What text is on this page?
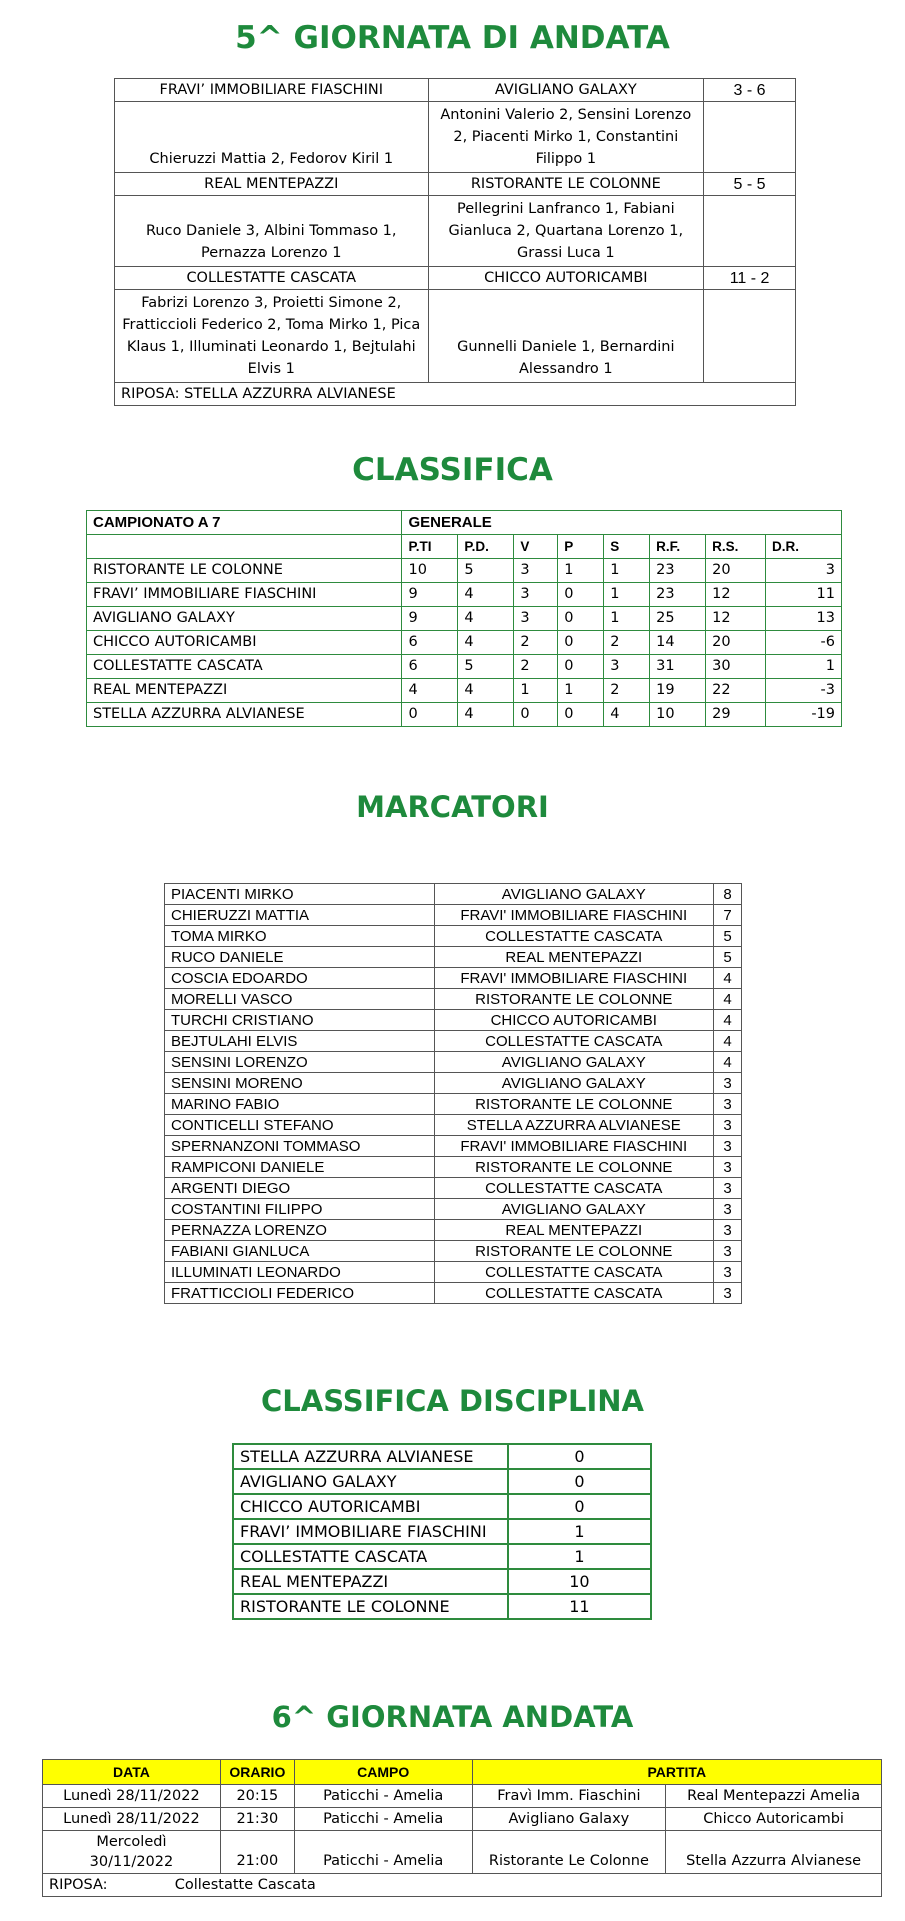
5^ GIORNATA DI ANDATA
FRAVI’ IMMOBILIARE FIASCHINI	AVIGLIANO GALAXY	3 - 6
Chieruzzi Mattia 2, Fedorov Kiril 1	Antonini Valerio 2, Sensini Lorenzo 2, Piacenti Mirko 1, Constantini Filippo 1	
REAL MENTEPAZZI	RISTORANTE LE COLONNE	5 - 5
Ruco Daniele 3, Albini Tommaso 1, Pernazza Lorenzo 1	Pellegrini Lanfranco 1, Fabiani Gianluca 2, Quartana Lorenzo 1, Grassi Luca 1	
COLLESTATTE CASCATA	CHICCO AUTORICAMBI	11 - 2
Fabrizi Lorenzo 3, Proietti Simone 2, Fratticcioli Federico 2, Toma Mirko 1, Pica Klaus 1, Illuminati Leonardo 1, Bejtulahi Elvis 1	Gunnelli Daniele 1, Bernardini Alessandro 1	
RIPOSA: STELLA AZZURRA ALVIANESE		
CLASSIFICA
CAMPIONATO A 7	GENERALE							
	P.TI	P.D.	V	P	S	R.F.	R.S.	D.R.
RISTORANTE LE COLONNE	10	5	3	1	1	23	20	3
FRAVI’ IMMOBILIARE FIASCHINI	9	4	3	0	1	23	12	11
AVIGLIANO GALAXY	9	4	3	0	1	25	12	13
CHICCO AUTORICAMBI	6	4	2	0	2	14	20	-6
COLLESTATTE CASCATA	6	5	2	0	3	31	30	1
REAL MENTEPAZZI	4	4	1	1	2	19	22	-3
STELLA AZZURRA ALVIANESE	0	4	0	0	4	10	29	-19
MARCATORI
PIACENTI MIRKO	AVIGLIANO GALAXY	8
CHIERUZZI MATTIA	FRAVI' IMMOBILIARE FIASCHINI	7
TOMA MIRKO	COLLESTATTE CASCATA	5
RUCO DANIELE	REAL MENTEPAZZI	5
COSCIA EDOARDO	FRAVI' IMMOBILIARE FIASCHINI	4
MORELLI VASCO	RISTORANTE LE COLONNE	4
TURCHI CRISTIANO	CHICCO AUTORICAMBI	4
BEJTULAHI ELVIS	COLLESTATTE CASCATA	4
SENSINI LORENZO	AVIGLIANO GALAXY	4
SENSINI MORENO	AVIGLIANO GALAXY	3
MARINO FABIO	RISTORANTE LE COLONNE	3
CONTICELLI STEFANO	STELLA AZZURRA ALVIANESE	3
SPERNANZONI TOMMASO	FRAVI' IMMOBILIARE FIASCHINI	3
RAMPICONI DANIELE	RISTORANTE LE COLONNE	3
ARGENTI DIEGO	COLLESTATTE CASCATA	3
COSTANTINI FILIPPO	AVIGLIANO GALAXY	3
PERNAZZA LORENZO	REAL MENTEPAZZI	3
FABIANI GIANLUCA	RISTORANTE LE COLONNE	3
ILLUMINATI LEONARDO	COLLESTATTE CASCATA	3
FRATTICCIOLI FEDERICO	COLLESTATTE CASCATA	3
CLASSIFICA DISCIPLINA
STELLA AZZURRA ALVIANESE	0
AVIGLIANO GALAXY	0
CHICCO AUTORICAMBI	0
FRAVI’ IMMOBILIARE FIASCHINI	1
COLLESTATTE CASCATA	1
REAL MENTEPAZZI	10
RISTORANTE LE COLONNE	11
6^ GIORNATA ANDATA
DATA	ORARIO	CAMPO	PARTITA	
Lunedì 28/11/2022	20:15	Paticchi - Amelia	Fravì Imm. Fiaschini	Real Mentepazzi Amelia
Lunedì 28/11/2022	21:30	Paticchi - Amelia	Avigliano Galaxy	Chicco Autoricambi
Mercoledì 30/11/2022	21:00	Paticchi - Amelia	Ristorante Le Colonne	Stella Azzurra Alvianese
RIPOSA: Collestatte Cascata				
